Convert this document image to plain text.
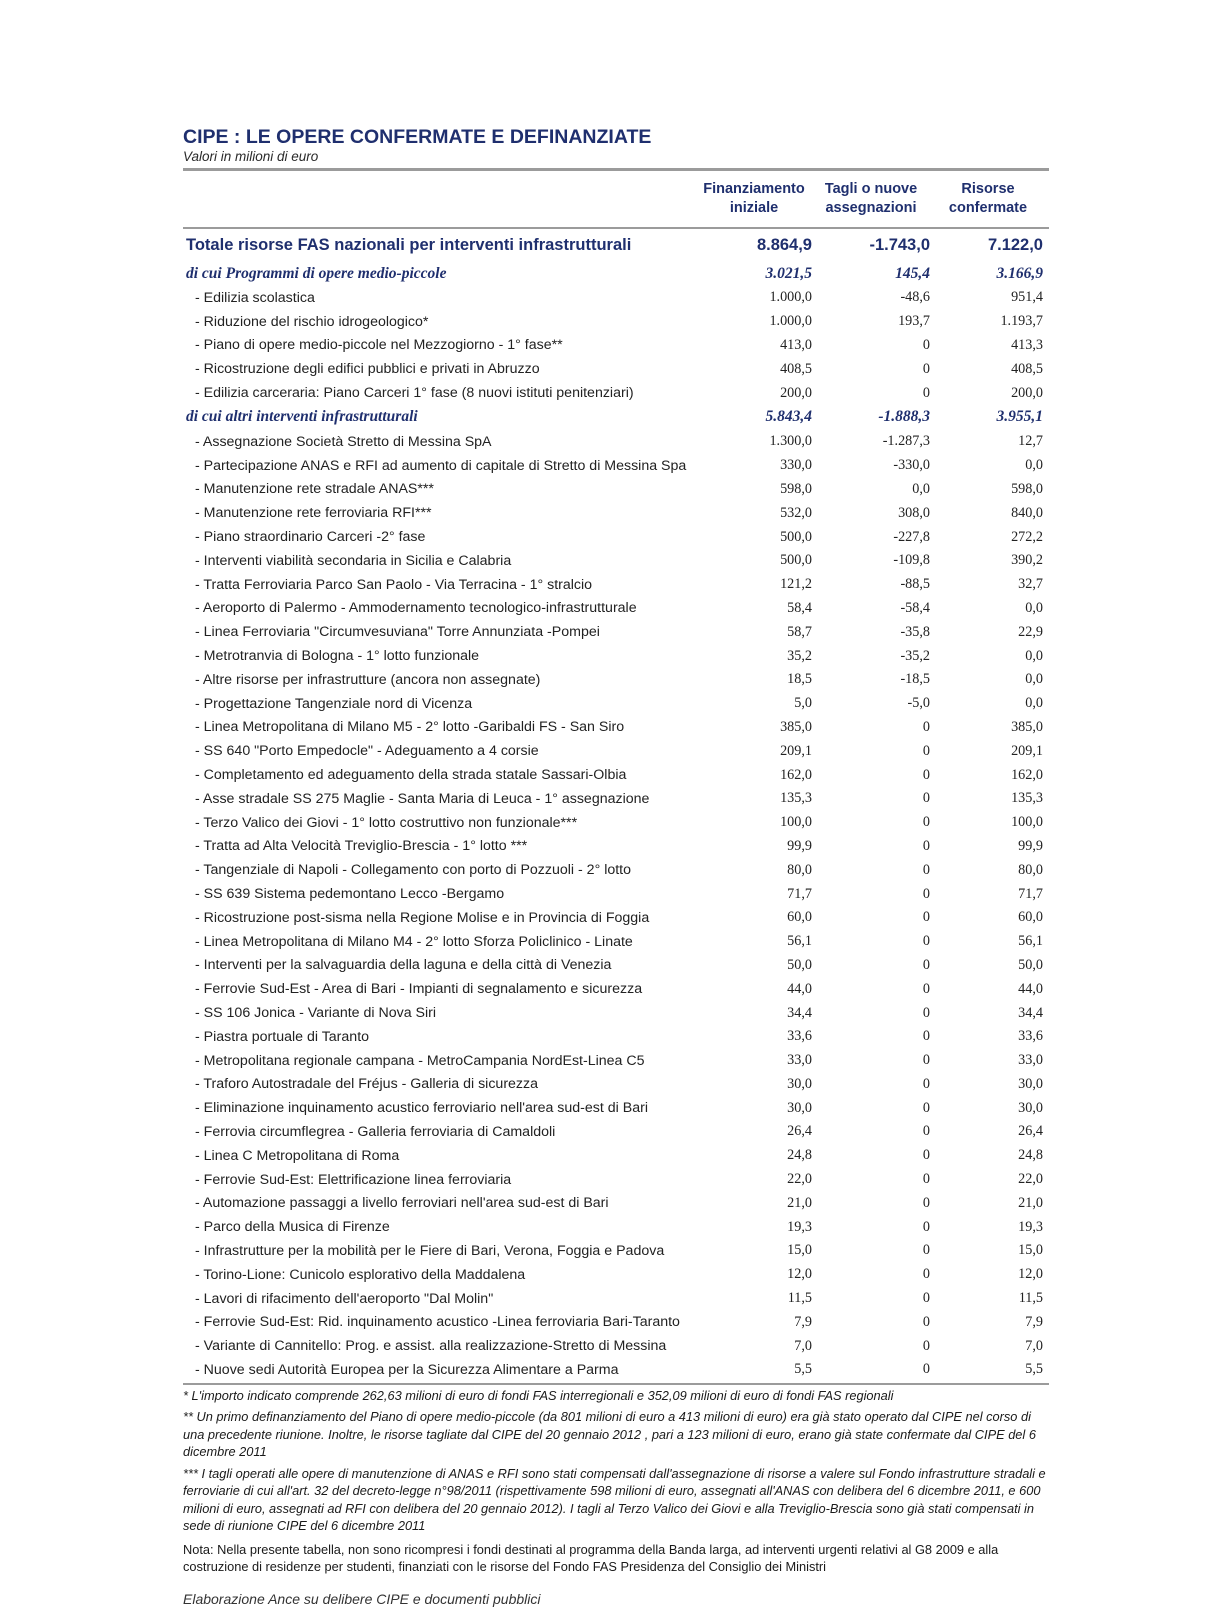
CIPE : LE OPERE CONFERMATE E DEFINANZIATE

Valori in milioni di euro

Finanziamento
iniziale
Tagli o nuove
assegnazioni
Risorse
confermate
Totale risorse FAS nazionali per interventi infrastrutturali	8.864,9	-1.743,0	7.122,0
di cui Programmi di opere medio-piccole	3.021,5	145,4	3.166,9
- Edilizia scolastica	1.000,0	-48,6	951,4
- Riduzione del rischio idrogeologico*	1.000,0	193,7	1.193,7
- Piano di opere medio-piccole nel Mezzogiorno - 1° fase**	413,0	0	413,3
- Ricostruzione degli edifici pubblici e privati in Abruzzo	408,5	0	408,5
- Edilizia carceraria: Piano Carceri 1° fase (8 nuovi istituti penitenziari)	200,0	0	200,0
di cui altri interventi infrastrutturali	5.843,4	-1.888,3	3.955,1
- Assegnazione Società Stretto di Messina SpA	1.300,0	-1.287,3	12,7
- Partecipazione ANAS e RFI ad aumento di capitale di Stretto di Messina Spa	330,0	-330,0	0,0
- Manutenzione rete stradale ANAS***	598,0	0,0	598,0
- Manutenzione rete ferroviaria RFI***	532,0	308,0	840,0
- Piano straordinario Carceri -2° fase	500,0	-227,8	272,2
- Interventi viabilità secondaria in Sicilia e Calabria	500,0	-109,8	390,2
- Tratta Ferroviaria Parco San Paolo - Via Terracina - 1° stralcio	121,2	-88,5	32,7
- Aeroporto di Palermo - Ammodernamento tecnologico-infrastrutturale	58,4	-58,4	0,0
- Linea Ferroviaria "Circumvesuviana" Torre Annunziata -Pompei	58,7	-35,8	22,9
- Metrotranvia di Bologna - 1° lotto funzionale	35,2	-35,2	0,0
- Altre risorse per infrastrutture (ancora non assegnate)	18,5	-18,5	0,0
- Progettazione Tangenziale nord di Vicenza	5,0	-5,0	0,0
- Linea Metropolitana di Milano M5 - 2° lotto -Garibaldi FS - San Siro	385,0	0	385,0
- SS 640 "Porto Empedocle" - Adeguamento a 4 corsie	209,1	0	209,1
- Completamento ed adeguamento della strada statale Sassari-Olbia	162,0	0	162,0
- Asse stradale SS 275 Maglie - Santa Maria di Leuca - 1° assegnazione	135,3	0	135,3
- Terzo Valico dei Giovi - 1° lotto costruttivo non funzionale***	100,0	0	100,0
- Tratta ad Alta Velocità Treviglio-Brescia - 1° lotto ***	99,9	0	99,9
- Tangenziale di Napoli - Collegamento con porto di Pozzuoli - 2° lotto	80,0	0	80,0
- SS 639 Sistema pedemontano Lecco -Bergamo	71,7	0	71,7
- Ricostruzione post-sisma nella Regione Molise e in Provincia di Foggia	60,0	0	60,0
- Linea Metropolitana di Milano M4 - 2° lotto Sforza Policlinico - Linate	56,1	0	56,1
- Interventi per la salvaguardia della laguna e della città di Venezia	50,0	0	50,0
- Ferrovie Sud-Est - Area di Bari - Impianti di segnalamento e sicurezza	44,0	0	44,0
- SS 106 Jonica - Variante di Nova Siri	34,4	0	34,4
- Piastra portuale di Taranto	33,6	0	33,6
- Metropolitana regionale campana - MetroCampania NordEst-Linea C5	33,0	0	33,0
- Traforo Autostradale del Fréjus - Galleria di sicurezza	30,0	0	30,0
- Eliminazione inquinamento acustico ferroviario nell'area sud-est di Bari	30,0	0	30,0
- Ferrovia circumflegrea - Galleria ferroviaria di Camaldoli	26,4	0	26,4
- Linea C Metropolitana di Roma	24,8	0	24,8
- Ferrovie Sud-Est: Elettrificazione linea ferroviaria	22,0	0	22,0
- Automazione passaggi a livello ferroviari nell'area sud-est di Bari	21,0	0	21,0
- Parco della Musica di Firenze	19,3	0	19,3
- Infrastrutture per la mobilità per le Fiere di Bari, Verona, Foggia e Padova	15,0	0	15,0
- Torino-Lione: Cunicolo esplorativo della Maddalena	12,0	0	12,0
- Lavori di rifacimento dell'aeroporto "Dal Molin"	11,5	0	11,5
- Ferrovie Sud-Est: Rid. inquinamento acustico -Linea ferroviaria Bari-Taranto	7,9	0	7,9
- Variante di Cannitello: Prog. e assist. alla realizzazione-Stretto di Messina	7,0	0	7,0
- Nuove sedi Autorità Europea per la Sicurezza Alimentare a Parma	5,5	0	5,5

* L'importo indicato comprende 262,63 milioni di euro di fondi FAS interregionali e 352,09 milioni di euro di fondi FAS regionali

** Un primo definanziamento del Piano di opere medio-piccole (da 801 milioni di euro a 413 milioni di euro) era già stato operato dal CIPE nel corso di una precedente riunione. Inoltre, le risorse tagliate dal CIPE del 20 gennaio 2012 , pari a 123 milioni di euro, erano già state confermate dal CIPE del 6 dicembre 2011

*** I tagli operati alle opere di manutenzione di ANAS e RFI sono stati compensati dall'assegnazione di risorse a valere sul Fondo infrastrutture stradali e ferroviarie di cui all'art. 32 del decreto-legge n°98/2011 (rispettivamente 598 milioni di euro, assegnati all'ANAS con delibera del 6 dicembre 2011, e 600 milioni di euro, assegnati ad RFI con delibera del 20 gennaio 2012). I tagli al Terzo Valico dei Giovi e alla Treviglio-Brescia sono già stati compensati in sede di riunione CIPE del 6 dicembre 2011

Nota: Nella presente tabella, non sono ricompresi i fondi destinati al programma della Banda larga, ad interventi urgenti relativi al G8 2009 e alla costruzione di residenze per studenti, finanziati con le risorse del Fondo FAS Presidenza del Consiglio dei Ministri

Elaborazione Ance su delibere CIPE e documenti pubblici
